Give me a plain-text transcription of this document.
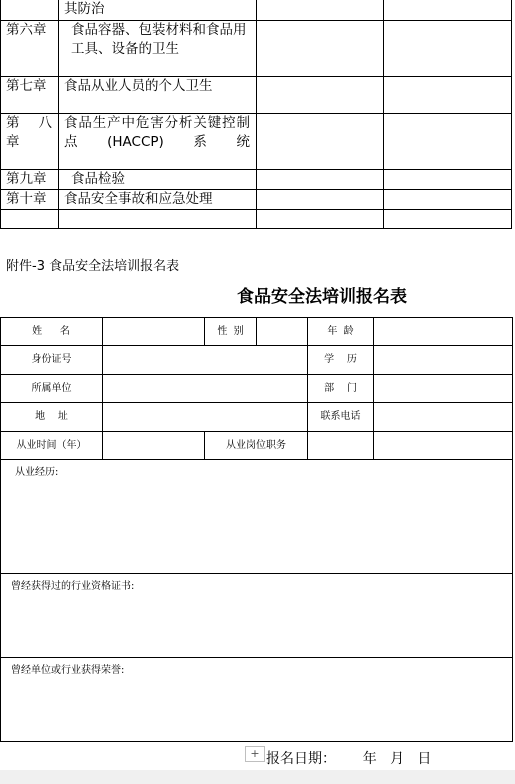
	其防治		
第六章	食品容器、包装材料和食品用工具、设备的卫生		
第七章	食品从业人员的个人卫生		
第 八 章	食品生产中危害分析关键控制点(HACCP)系统		
第九章	食品检验		
第十章	食品安全事故和应急处理		

附件-3 食品安全法培训报名表
食品安全法培训报名表
姓    名		性  别		年  龄	
身份证号				学    历	
所属单位				部    门	
地    址				联系电话	
从业时间（年）		从业岗位职务			
从业经历:					
曾经获得过的行业资格证书:					
曾经单位或行业获得荣誉:					
+ 报名日期： 年 月 日
